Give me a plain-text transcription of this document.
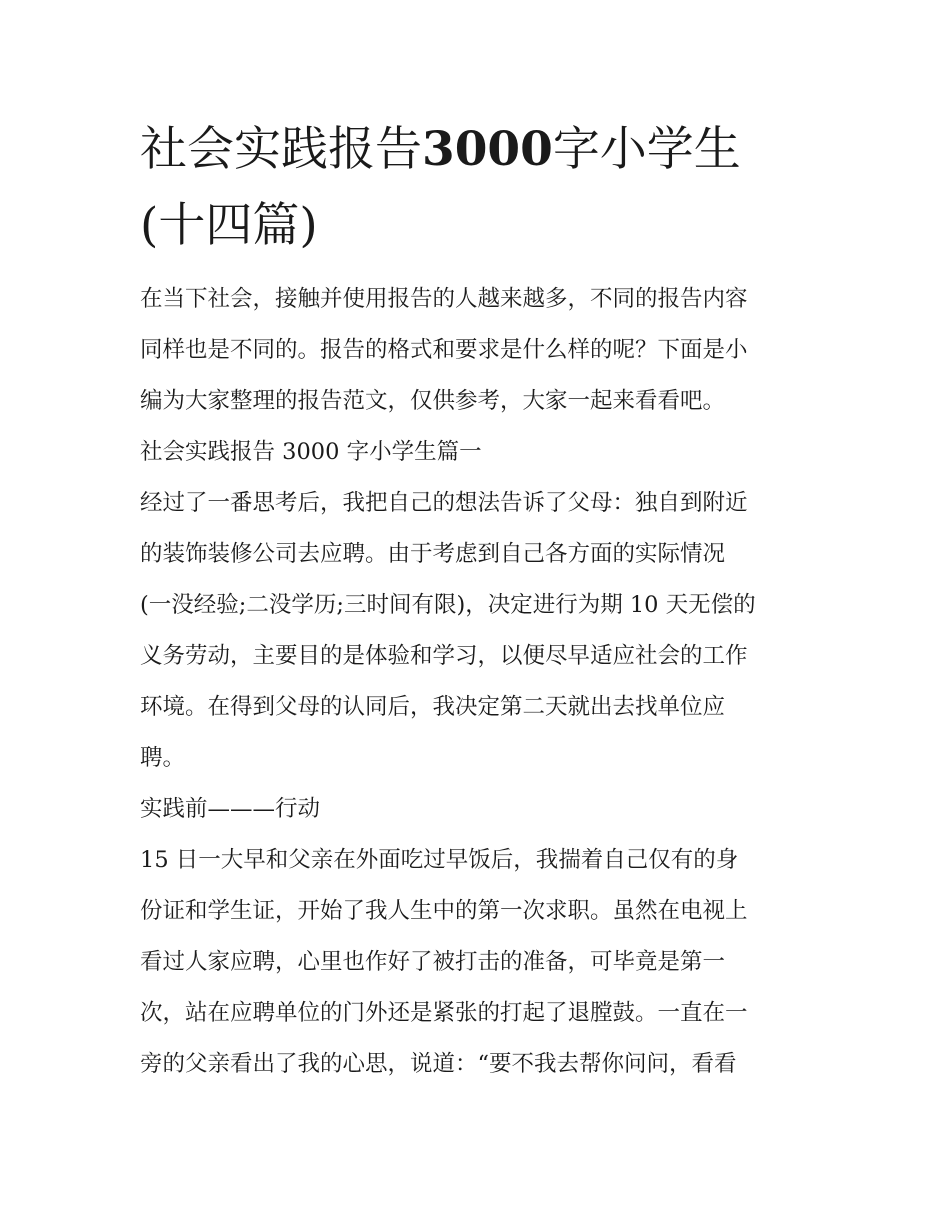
社会实践报告3000字小学生
(十四篇)

在当下社会，接触并使用报告的人越来越多，不同的报告内容

同样也是不同的。报告的格式和要求是什么样的呢？下面是小

编为大家整理的报告范文，仅供参考，大家一起来看看吧。

社会实践报告 3000 字小学生篇一

经过了一番思考后，我把自己的想法告诉了父母：独自到附近

的装饰装修公司去应聘。由于考虑到自己各方面的实际情况

(一没经验;二没学历;三时间有限)，决定进行为期 10 天无偿的

义务劳动，主要目的是体验和学习，以便尽早适应社会的工作

环境。在得到父母的认同后，我决定第二天就出去找单位应

聘。

实践前———行动

15 日一大早和父亲在外面吃过早饭后，我揣着自己仅有的身

份证和学生证，开始了我人生中的第一次求职。虽然在电视上

看过人家应聘，心里也作好了被打击的准备，可毕竟是第一

次，站在应聘单位的门外还是紧张的打起了退膛鼓。一直在一

旁的父亲看出了我的心思，说道：“要不我去帮你问问，看看
